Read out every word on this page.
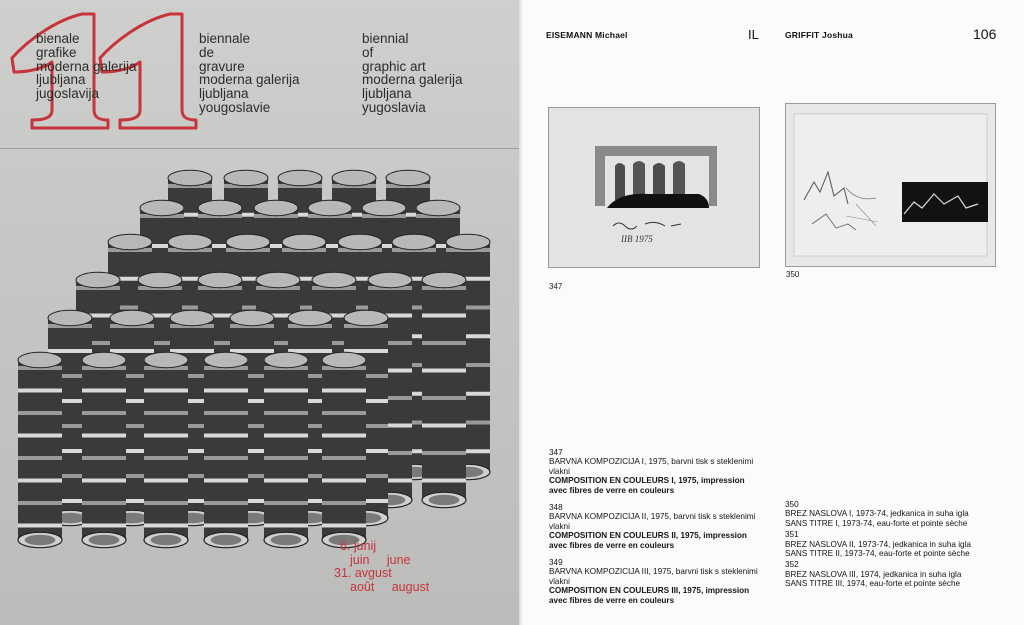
11
bienale
grafike
moderna galerija
ljubljana
jugoslavija
biennale
de
gravure
moderna galerija
ljubljana
yougoslavie
biennial
of
graphic art
moderna galerija
ljubljana
yugoslavia
6. junij
juin june
31. avgust
août august
EISEMANN Michael	IL	GRIFFIT Joshua	106
IIB 1975
347
350
347
BARVNA KOMPOZICIJA I, 1975, barvni tisk s steklenimi vlakni
COMPOSITION EN COULEURS I, 1975, impression avec fibres de verre en couleurs
348
BARVNA KOMPOZICIJA II, 1975, barvni tisk s steklenimi vlakni
COMPOSITION EN COULEURS II, 1975, impression avec fibres de verre en couleurs
349
BARVNA KOMPOZICIJA III, 1975, barvni tisk s steklenimi vlakni
COMPOSITION EN COULEURS III, 1975, impression avec fibres de verre en couleurs
350
BREZ NASLOVA I, 1973-74, jedkanica in suha igla
SANS TITRE I, 1973-74, eau-forte et pointe sèche
351
BREZ NASLOVA II, 1973-74, jedkanica in suha igla
SANS TITRE II, 1973-74, eau-forte et pointe sèche
352
BREZ NASLOVA III, 1974, jedkanica in suha igla
SANS TITRE III, 1974, eau-forte et pointe sèche
